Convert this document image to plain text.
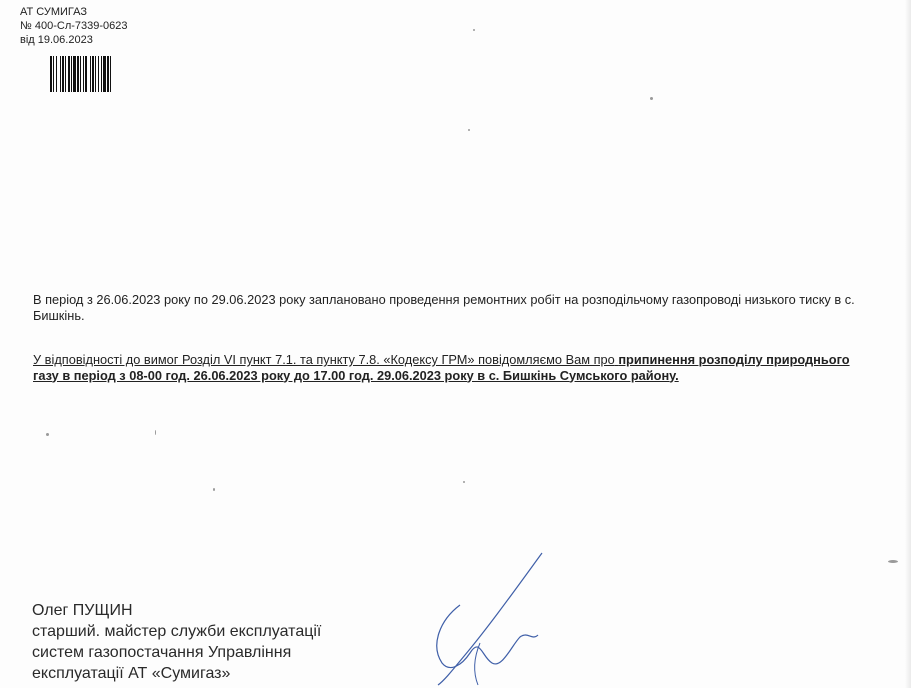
АТ СУМИГАЗ
№ 400-Сл-7339-0623
від 19.06.2023
В період з 26.06.2023 року по 29.06.2023 року заплановано проведення ремонтних робіт на розподільчому газопроводі низького тиску в с. Бишкінь.
У відповідності до вимог Розділ VI пункт 7.1. та пункту 7.8. «Кодексу ГРМ» повідомляємо Вам про припинення розподілу природнього газу в період з 08-00 год. 26.06.2023 року до 17.00 год. 29.06.2023 року в с. Бишкінь Сумського району.
Олег ПУЩИН
старший. майстер служби експлуатації
систем газопостачання Управління
експлуатації АТ «Сумигаз»
